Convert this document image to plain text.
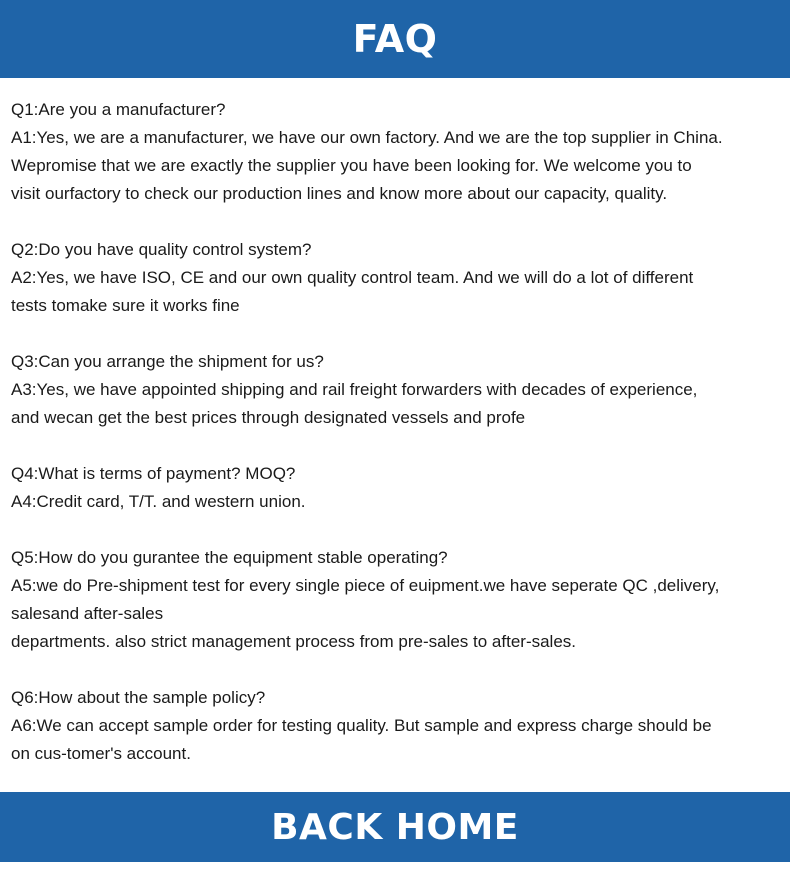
FAQ
Q1:Are you a manufacturer?
A1:Yes, we are a manufacturer, we have our own factory. And we are the top supplier in China.
Wepromise that we are exactly the supplier you have been looking for. We welcome you to
visit ourfactory to check our production lines and know more about our capacity, quality.
Q2:Do you have quality control system?
A2:Yes, we have ISO, CE and our own quality control team. And we will do a lot of different
tests tomake sure it works fine
Q3:Can you arrange the shipment for us?
A3:Yes, we have appointed shipping and rail freight forwarders with decades of experience,
and wecan get the best prices through designated vessels and profe
Q4:What is terms of payment? MOQ?
A4:Credit card, T/T. and western union.
Q5:How do you gurantee the equipment stable operating?
A5:we do Pre-shipment test for every single piece of euipment.we have seperate QC ,delivery,
salesand after-sales
departments. also strict management process from pre-sales to after-sales.
Q6:How about the sample policy?
A6:We can accept sample order for testing quality. But sample and express charge should be
on cus-tomer's account.
BACK HOME
